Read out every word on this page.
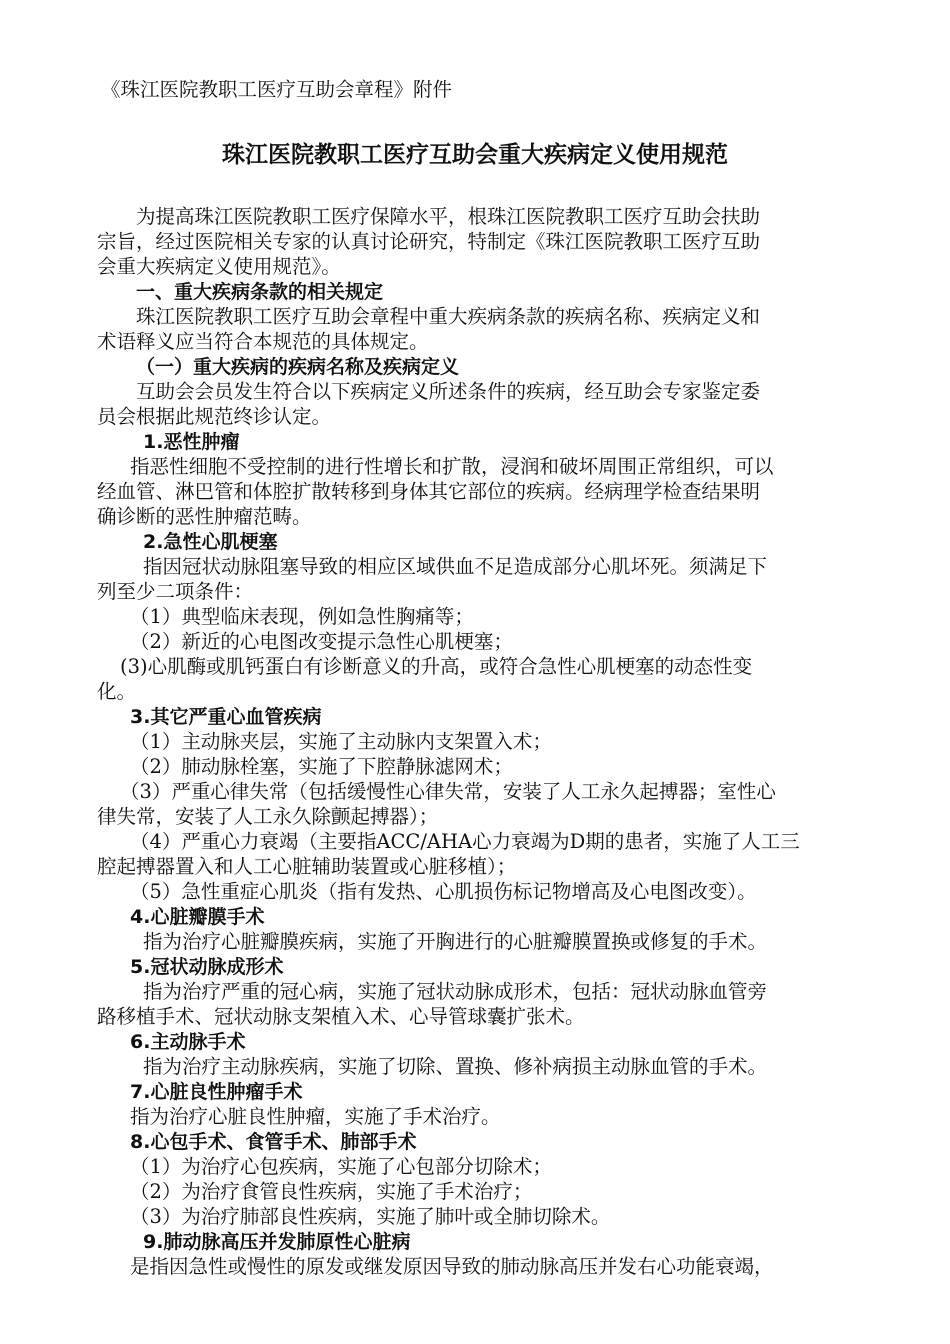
《珠江医院教职工医疗互助会章程》附件
珠江医院教职工医疗互助会重大疾病定义使用规范
为提高珠江医院教职工医疗保障水平，根珠江医院教职工医疗互助会扶助
宗旨，经过医院相关专家的认真讨论研究，特制定《珠江医院教职工医疗互助
会重大疾病定义使用规范》。
一、重大疾病条款的相关规定
珠江医院教职工医疗互助会章程中重大疾病条款的疾病名称、疾病定义和
术语释义应当符合本规范的具体规定。
（一）重大疾病的疾病名称及疾病定义
互助会会员发生符合以下疾病定义所述条件的疾病，经互助会专家鉴定委
员会根据此规范终诊认定。
1.恶性肿瘤
指恶性细胞不受控制的进行性增长和扩散，浸润和破坏周围正常组织，可以
经血管、淋巴管和体腔扩散转移到身体其它部位的疾病。经病理学检查结果明
确诊断的恶性肿瘤范畴。
2.急性心肌梗塞
指因冠状动脉阻塞导致的相应区域供血不足造成部分心肌坏死。须满足下
列至少二项条件：
（1）典型临床表现，例如急性胸痛等；
（2）新近的心电图改变提示急性心肌梗塞；
(3)心肌酶或肌钙蛋白有诊断意义的升高，或符合急性心肌梗塞的动态性变
化。
3.其它严重心血管疾病
（1）主动脉夹层，实施了主动脉内支架置入术；
（2）肺动脉栓塞，实施了下腔静脉滤网术；
（3）严重心律失常（包括缓慢性心律失常，安装了人工永久起搏器；室性心
律失常，安装了人工永久除颤起搏器）；
（4）严重心力衰竭（主要指ACC/AHA心力衰竭为D期的患者，实施了人工三
腔起搏器置入和人工心脏辅助装置或心脏移植）；
（5）急性重症心肌炎（指有发热、心肌损伤标记物增高及心电图改变）。
4.心脏瓣膜手术
指为治疗心脏瓣膜疾病，实施了开胸进行的心脏瓣膜置换或修复的手术。
5.冠状动脉成形术
指为治疗严重的冠心病，实施了冠状动脉成形术，包括：冠状动脉血管旁
路移植手术、冠状动脉支架植入术、心导管球囊扩张术。
6.主动脉手术
指为治疗主动脉疾病，实施了切除、置换、修补病损主动脉血管的手术。
7.心脏良性肿瘤手术
指为治疗心脏良性肿瘤，实施了手术治疗。
8.心包手术、食管手术、肺部手术
（1）为治疗心包疾病，实施了心包部分切除术；
（2）为治疗食管良性疾病，实施了手术治疗；
（3）为治疗肺部良性疾病，实施了肺叶或全肺切除术。
9.肺动脉高压并发肺原性心脏病
是指因急性或慢性的原发或继发原因导致的肺动脉高压并发右心功能衰竭，
